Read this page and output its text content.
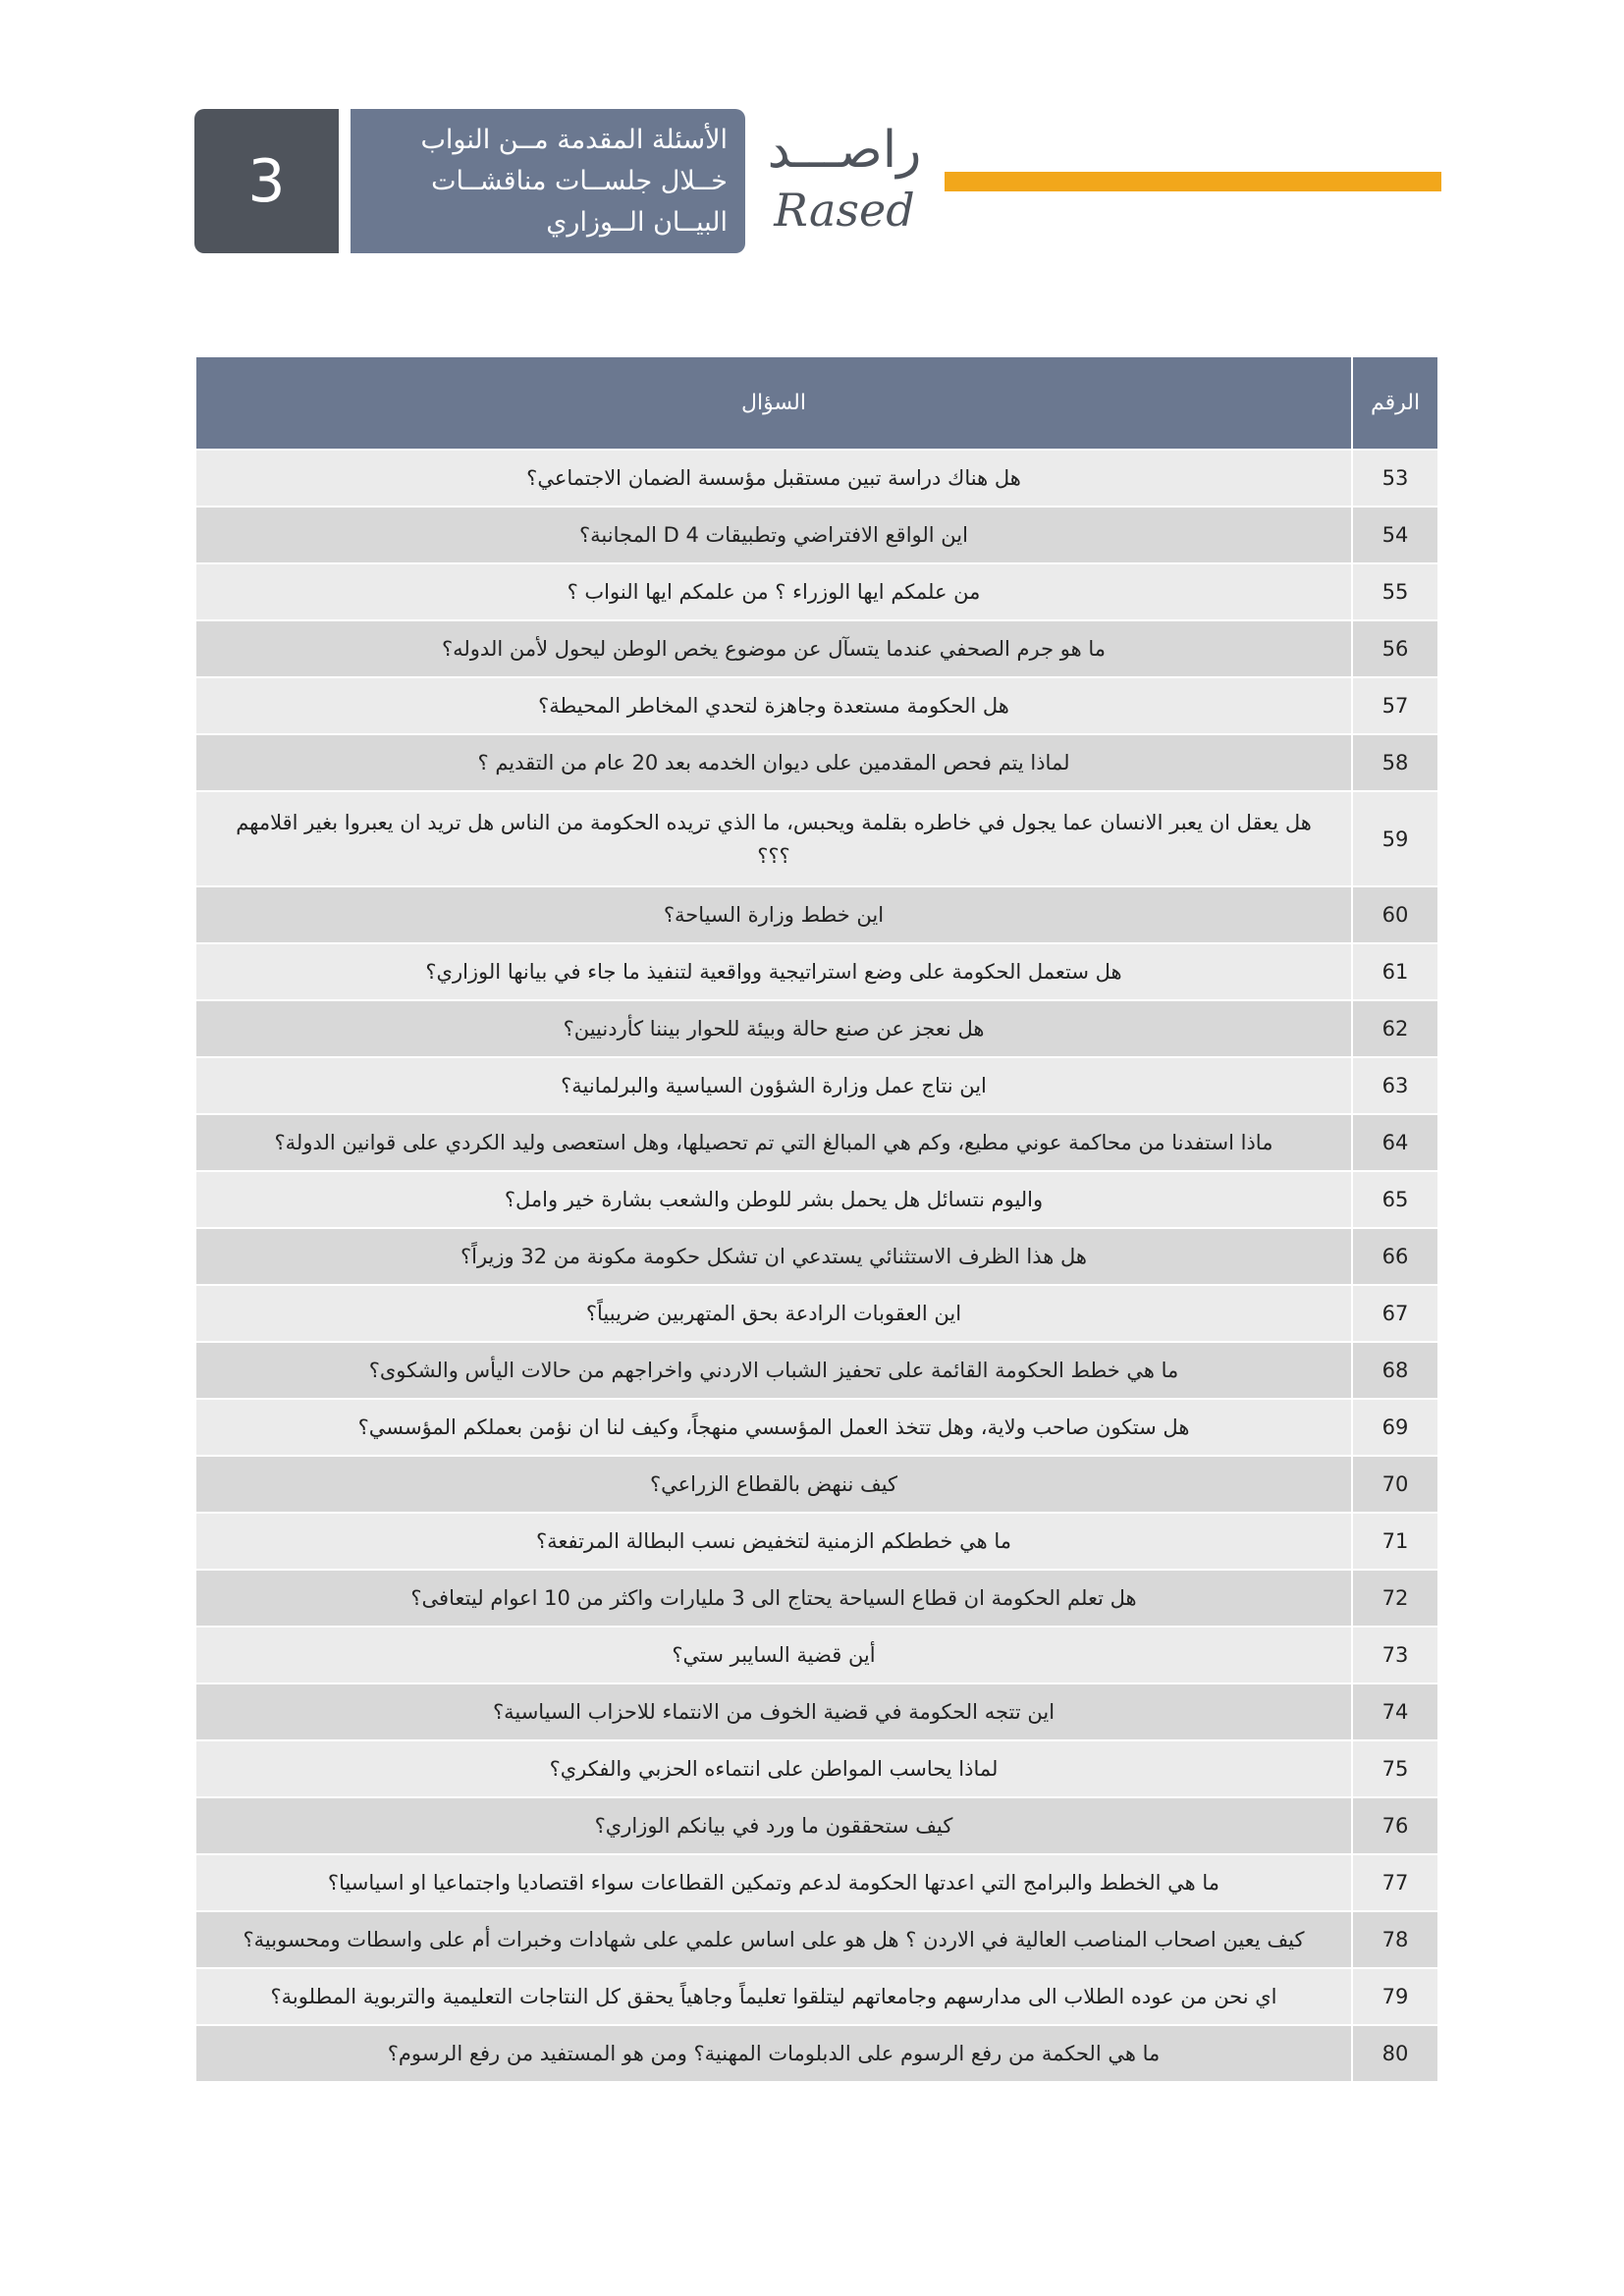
3
الأسئلة المقدمة مــن النواب
خــلال جلســات مناقشــات
البيــان الــوزاري
راصـــد
Rased
الرقم	السؤال
53	هل هناك دراسة تبين مستقبل مؤسسة الضمان الاجتماعي؟
54	اين الواقع الافتراضي وتطبيقات D 4 المجانبة؟
55	من علمكم ايها الوزراء ؟ من علمكم ايها النواب ؟
56	ما هو جرم الصحفي عندما يتسآل عن موضوع يخص الوطن ليحول لأمن الدوله؟
57	هل الحكومة مستعدة وجاهزة لتحدي المخاطر المحيطة؟
58	لماذا يتم فحص المقدمين على ديوان الخدمه بعد 20 عام من التقديم ؟
59	هل يعقل ان يعبر الانسان عما يجول في خاطره بقلمة ويحبس، ما الذي تريده الحكومة من الناس هل تريد ان يعبروا بغير اقلامهم ؟؟؟
60	اين خطط وزارة السياحة؟
61	هل ستعمل الحكومة على وضع استراتيجية وواقعية لتنفيذ ما جاء في بيانها الوزاري؟
62	هل نعجز عن صنع حالة وبيئة للحوار بيننا كأردنيين؟
63	اين نتاج عمل وزارة الشؤون السياسية والبرلمانية؟
64	ماذا استفدنا من محاكمة عوني مطيع، وكم هي المبالغ التي تم تحصيلها، وهل استعصى وليد الكردي على قوانين الدولة؟
65	واليوم نتسائل هل يحمل بشر للوطن والشعب بشارة خير وامل؟
66	هل هذا الظرف الاستثنائي يستدعي ان تشكل حكومة مكونة من 32 وزيراً؟
67	اين العقوبات الرادعة بحق المتهربين ضريبياً؟
68	ما هي خطط الحكومة القائمة على تحفيز الشباب الاردني واخراجهم من حالات اليأس والشكوى؟
69	هل ستكون صاحب ولاية، وهل تتخذ العمل المؤسسي منهجاً، وكيف لنا ان نؤمن بعملكم المؤسسي؟
70	كيف ننهض بالقطاع الزراعي؟
71	ما هي خططكم الزمنية لتخفيض نسب البطالة المرتفعة؟
72	هل تعلم الحكومة ان قطاع السياحة يحتاج الى 3 مليارات واكثر من 10 اعوام ليتعافى؟
73	أين قضية السايبر ستي؟
74	اين تتجه الحكومة في قضية الخوف من الانتماء للاحزاب السياسية؟
75	لماذا يحاسب المواطن على انتماءه الحزبي والفكري؟
76	كيف ستحققون ما ورد في بيانكم الوزاري؟
77	ما هي الخطط والبرامج التي اعدتها الحكومة لدعم وتمكين القطاعات سواء اقتصاديا واجتماعيا او اسياسيا؟
78	كيف يعين اصحاب المناصب العالية في الاردن ؟ هل هو على اساس علمي على شهادات وخبرات أم على واسطات ومحسوبية؟
79	اي نحن من عوده الطلاب الى مدارسهم وجامعاتهم ليتلقوا تعليماً وجاهياً يحقق كل النتاجات التعليمية والتربوية المطلوبة؟
80	ما هي الحكمة من رفع الرسوم على الدبلومات المهنية؟ ومن هو المستفيد من رفع الرسوم؟
